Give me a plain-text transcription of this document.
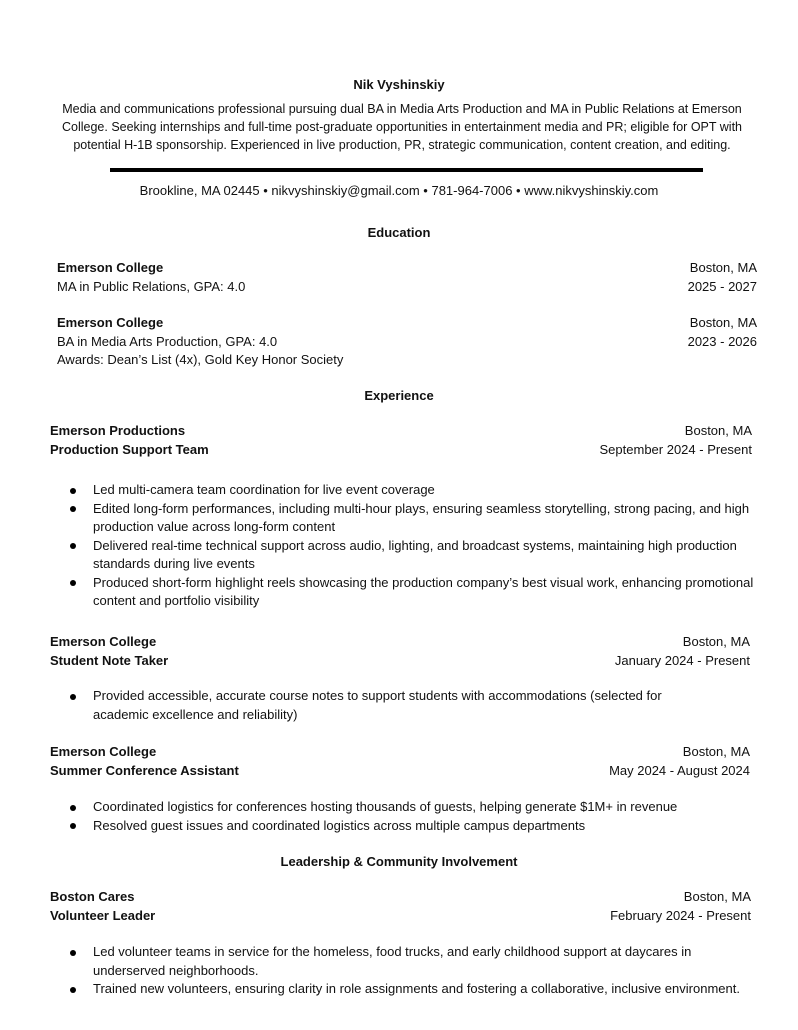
Nik Vyshinskiy
Media and communications professional pursuing dual BA in Media Arts Production and MA in Public Relations at Emerson College. Seeking internships and full-time post-graduate opportunities in entertainment media and PR; eligible for OPT with potential H-1B sponsorship. Experienced in live production, PR, strategic communication, content creation, and editing.
Brookline, MA 02445 • nikvyshinskiy@gmail.com • 781-964-7006 • www.nikvyshinskiy.com
Education
Emerson College	Boston, MA
MA in Public Relations, GPA: 4.0	2025 - 2027
Emerson College	Boston, MA
BA in Media Arts Production, GPA: 4.0	2023 - 2026
Awards: Dean’s List (4x), Gold Key Honor Society
Experience
Emerson Productions	Boston, MA
Production Support Team	September 2024 - Present
Led multi-camera team coordination for live event coverage
Edited long-form performances, including multi-hour plays, ensuring seamless storytelling, strong pacing, and high production value across long-form content
Delivered real-time technical support across audio, lighting, and broadcast systems, maintaining high production standards during live events
Produced short-form highlight reels showcasing the production company’s best visual work, enhancing promotional content and portfolio visibility
Emerson College	Boston, MA
Student Note Taker	January 2024 - Present
Provided accessible, accurate course notes to support students with accommodations (selected for academic excellence and reliability)
Emerson College	Boston, MA
Summer Conference Assistant	May 2024 - August 2024
Coordinated logistics for conferences hosting thousands of guests, helping generate $1M+ in revenue
Resolved guest issues and coordinated logistics across multiple campus departments
Leadership & Community Involvement
Boston Cares	Boston, MA
Volunteer Leader	February 2024 - Present
Led volunteer teams in service for the homeless, food trucks, and early childhood support at daycares in underserved neighborhoods.
Trained new volunteers, ensuring clarity in role assignments and fostering a collaborative, inclusive environment.
